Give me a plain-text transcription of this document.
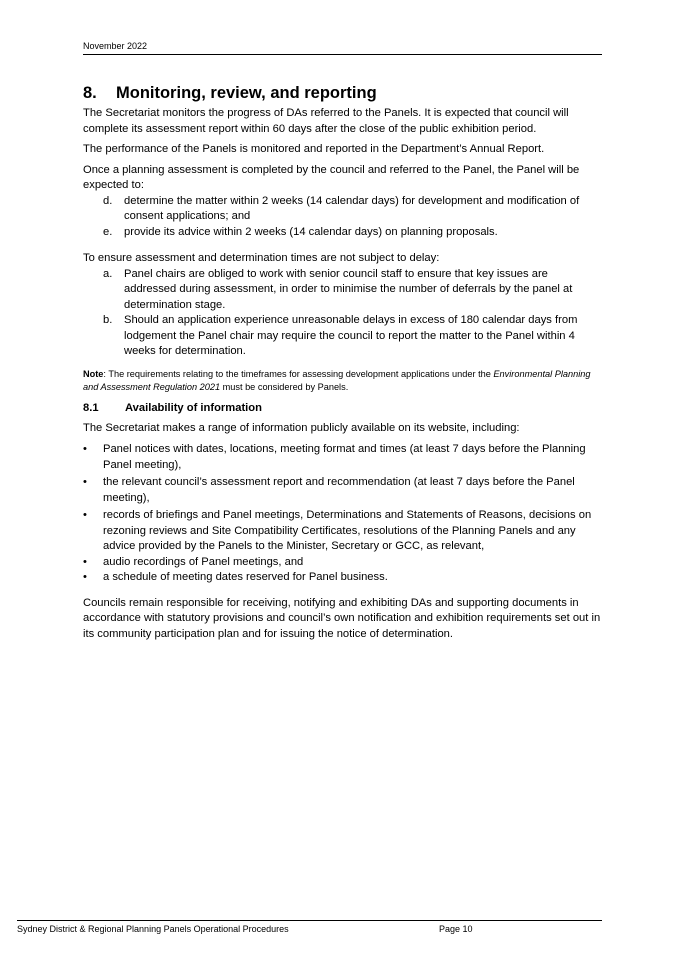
November 2022
8. Monitoring, review, and reporting

The Secretariat monitors the progress of DAs referred to the Panels. It is expected that council will complete its assessment report within 60 days after the close of the public exhibition period.

The performance of the Panels is monitored and reported in the Department’s Annual Report.

Once a planning assessment is completed by the council and referred to the Panel, the Panel will be expected to:

d. determine the matter within 2 weeks (14 calendar days) for development and modification of consent applications; and
e. provide its advice within 2 weeks (14 calendar days) on planning proposals.

To ensure assessment and determination times are not subject to delay:

a. Panel chairs are obliged to work with senior council staff to ensure that key issues are addressed during assessment, in order to minimise the number of deferrals by the panel at determination stage.
b. Should an application experience unreasonable delays in excess of 180 calendar days from lodgement the Panel chair may require the council to report the matter to the Panel within 4 weeks for determination.

Note: The requirements relating to the timeframes for assessing development applications under the Environmental Planning and Assessment Regulation 2021 must be considered by Panels.

8.1 Availability of information

The Secretariat makes a range of information publicly available on its website, including:

• Panel notices with dates, locations, meeting format and times (at least 7 days before the Planning Panel meeting),
• the relevant council’s assessment report and recommendation (at least 7 days before the Panel meeting),
• records of briefings and Panel meetings, Determinations and Statements of Reasons, decisions on rezoning reviews and Site Compatibility Certificates, resolutions of the Planning Panels and any advice provided by the Panels to the Minister, Secretary or GCC, as relevant,
• audio recordings of Panel meetings, and
• a schedule of meeting dates reserved for Panel business.

Councils remain responsible for receiving, notifying and exhibiting DAs and supporting documents in accordance with statutory provisions and council’s own notification and exhibition requirements set out in its community participation plan and for issuing the notice of determination.

Sydney District & Regional Planning Panels Operational Procedures	Page 10
